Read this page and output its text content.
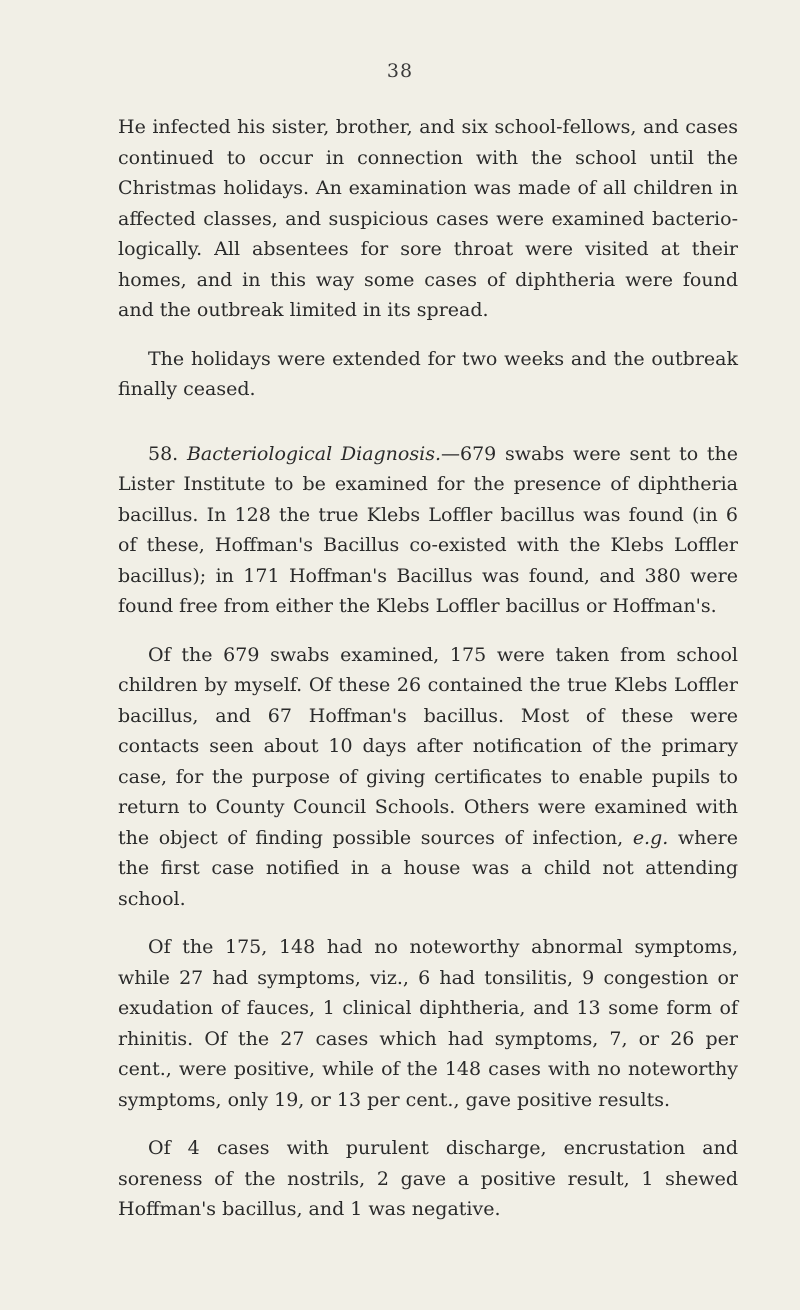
38

He infected his sister, brother, and six school-fellows, and cases continued to occur in connection with the school until the Christmas holidays. An examination was made of all children in affected classes, and suspicious cases were examined bacterio-logically. All absentees for sore throat were visited at their homes, and in this way some cases of diphtheria were found and the outbreak limited in its spread.

The holidays were extended for two weeks and the outbreak finally ceased.

58. Bacteriological Diagnosis.—679 swabs were sent to the Lister Institute to be examined for the presence of diphtheria bacillus. In 128 the true Klebs Loffler bacillus was found (in 6 of these, Hoffman's Bacillus co-existed with the Klebs Loffler bacillus); in 171 Hoffman's Bacillus was found, and 380 were found free from either the Klebs Loffler bacillus or Hoffman's.

Of the 679 swabs examined, 175 were taken from school children by myself. Of these 26 contained the true Klebs Loffler bacillus, and 67 Hoffman's bacillus. Most of these were contacts seen about 10 days after notification of the primary case, for the purpose of giving certificates to enable pupils to return to County Council Schools. Others were examined with the object of finding possible sources of infection, e.g. where the first case notified in a house was a child not attending school.

Of the 175, 148 had no noteworthy abnormal symptoms, while 27 had symptoms, viz., 6 had tonsilitis, 9 congestion or exudation of fauces, 1 clinical diphtheria, and 13 some form of rhinitis. Of the 27 cases which had symptoms, 7, or 26 per cent., were positive, while of the 148 cases with no noteworthy symptoms, only 19, or 13 per cent., gave positive results.

Of 4 cases with purulent discharge, encrustation and soreness of the nostrils, 2 gave a positive result, 1 shewed Hoffman's bacillus, and 1 was negative.
